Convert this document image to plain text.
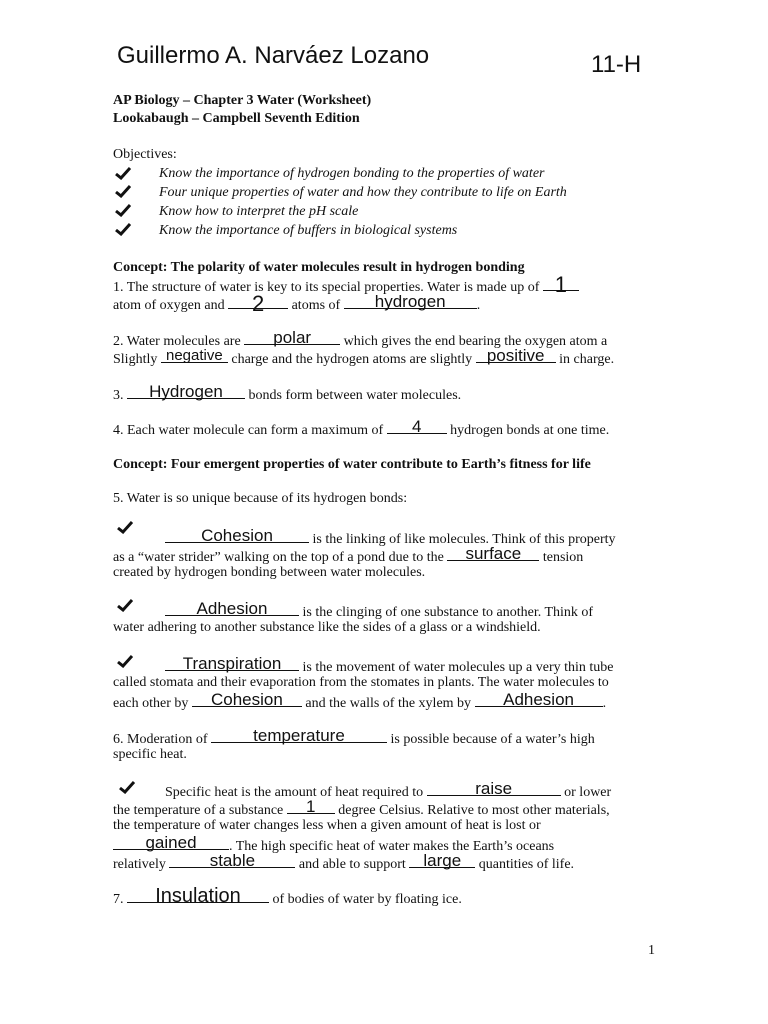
Guillermo A. Narváez Lozano	11-H
AP Biology – Chapter 3 Water (Worksheet)
Lookabaugh – Campbell Seventh Edition
Objectives:
Know the importance of hydrogen bonding to the properties of water
Four unique properties of water and how they contribute to life on Earth
Know how to interpret the pH scale
Know the importance of buffers in biological systems
Concept: The polarity of water molecules result in hydrogen bonding
1. The structure of water is key to its special properties. Water is made up of 1
atom of oxygen and	2	atoms of	hydrogen	.
2. Water molecules are	polar	which gives the end bearing the oxygen atom a
Slightly negative charge and the hydrogen atoms are slightly positive	in charge.
3.	Hydrogen	bonds form between water molecules.
4. Each water molecule can form a maximum of	4	hydrogen bonds at one time.
Concept: Four emergent properties of water contribute to Earth’s fitness for life
5. Water is so unique because of its hydrogen bonds:
Cohesion	is the linking of like molecules. Think of this property
as a “water strider” walking on the top of a pond due to the	surface	tension
created by hydrogen bonding between water molecules.
Adhesion	is the clinging of one substance to another. Think of
water adhering to another substance like the sides of a glass or a windshield.
Transpiration	is the movement of water molecules up a very thin tube
called stomata and their evaporation from the stomates in plants. The water molecules to
each other by	Cohesion	and the walls of the xylem by	Adhesion	.
6. Moderation of	temperature	is possible because of a water’s high
specific heat.
Specific heat is the amount of heat required to	raise	or lower
the temperature of a substance	1	degree Celsius. Relative to most other materials,
the temperature of water changes less when a given amount of heat is lost or
gained	. The high specific heat of water makes the Earth’s oceans
relatively	stable	and able to support	large	quantities of life.
7.	Insulation	of bodies of water by floating ice.
1
